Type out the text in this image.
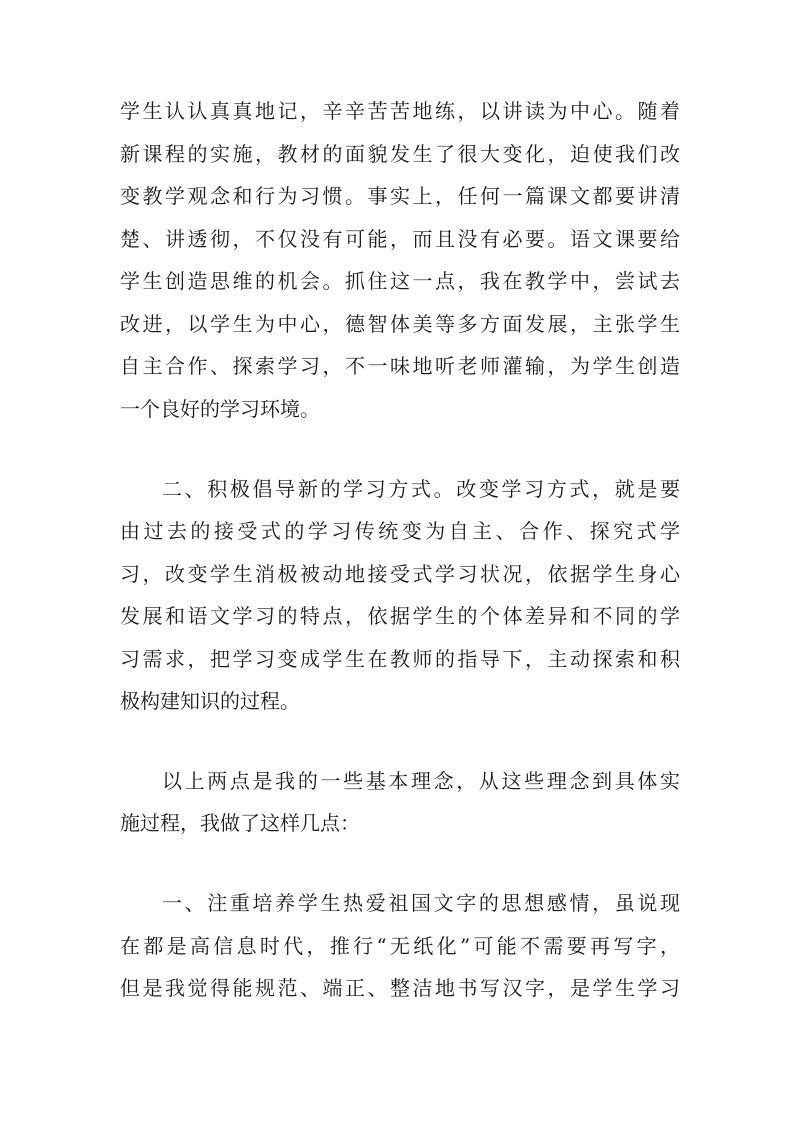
学生认认真真地记，辛辛苦苦地练，以讲读为中心。随着

新课程的实施，教材的面貌发生了很大变化，迫使我们改

变教学观念和行为习惯。事实上，任何一篇课文都要讲清

楚、讲透彻，不仅没有可能，而且没有必要。语文课要给

学生创造思维的机会。抓住这一点，我在教学中，尝试去

改进，以学生为中心，德智体美等多方面发展，主张学生

自主合作、探索学习，不一味地听老师灌输，为学生创造

一个良好的学习环境。

二、积极倡导新的学习方式。改变学习方式，就是要

由过去的接受式的学习传统变为自主、合作、探究式学

习，改变学生消极被动地接受式学习状况，依据学生身心

发展和语文学习的特点，依据学生的个体差异和不同的学

习需求，把学习变成学生在教师的指导下，主动探索和积

极构建知识的过程。

以上两点是我的一些基本理念，从这些理念到具体实

施过程，我做了这样几点：

一、注重培养学生热爱祖国文字的思想感情，虽说现

在都是高信息时代，推行“无纸化”可能不需要再写字，

但是我觉得能规范、端正、整洁地书写汉字，是学生学习
